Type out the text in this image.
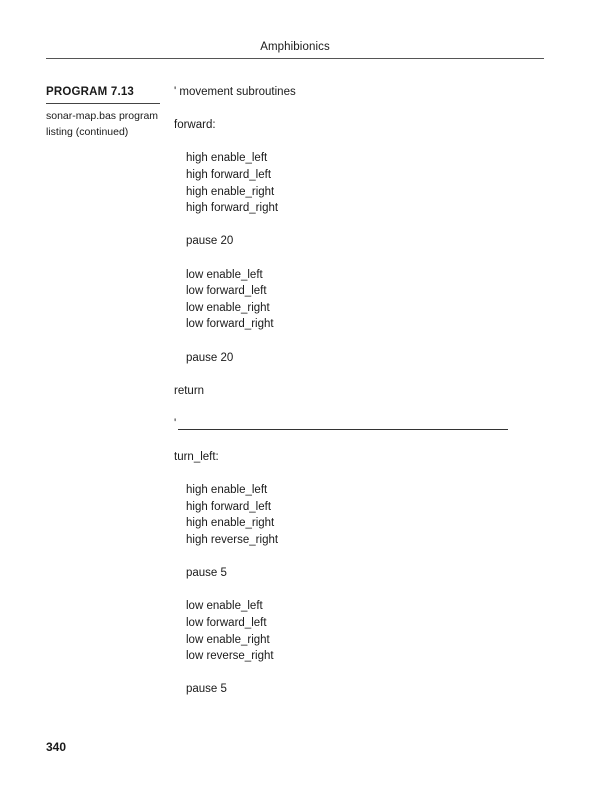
Amphibionics
PROGRAM 7.13
sonar-map.bas program
listing (continued)
' movement subroutines
forward:
high enable_left
high forward_left
high enable_right
high forward_right
pause 20
low enable_left
low forward_left
low enable_right
low forward_right
pause 20
return
'
turn_left:
high enable_left
high forward_left
high enable_right
high reverse_right
pause 5
low enable_left
low forward_left
low enable_right
low reverse_right
pause 5
340
